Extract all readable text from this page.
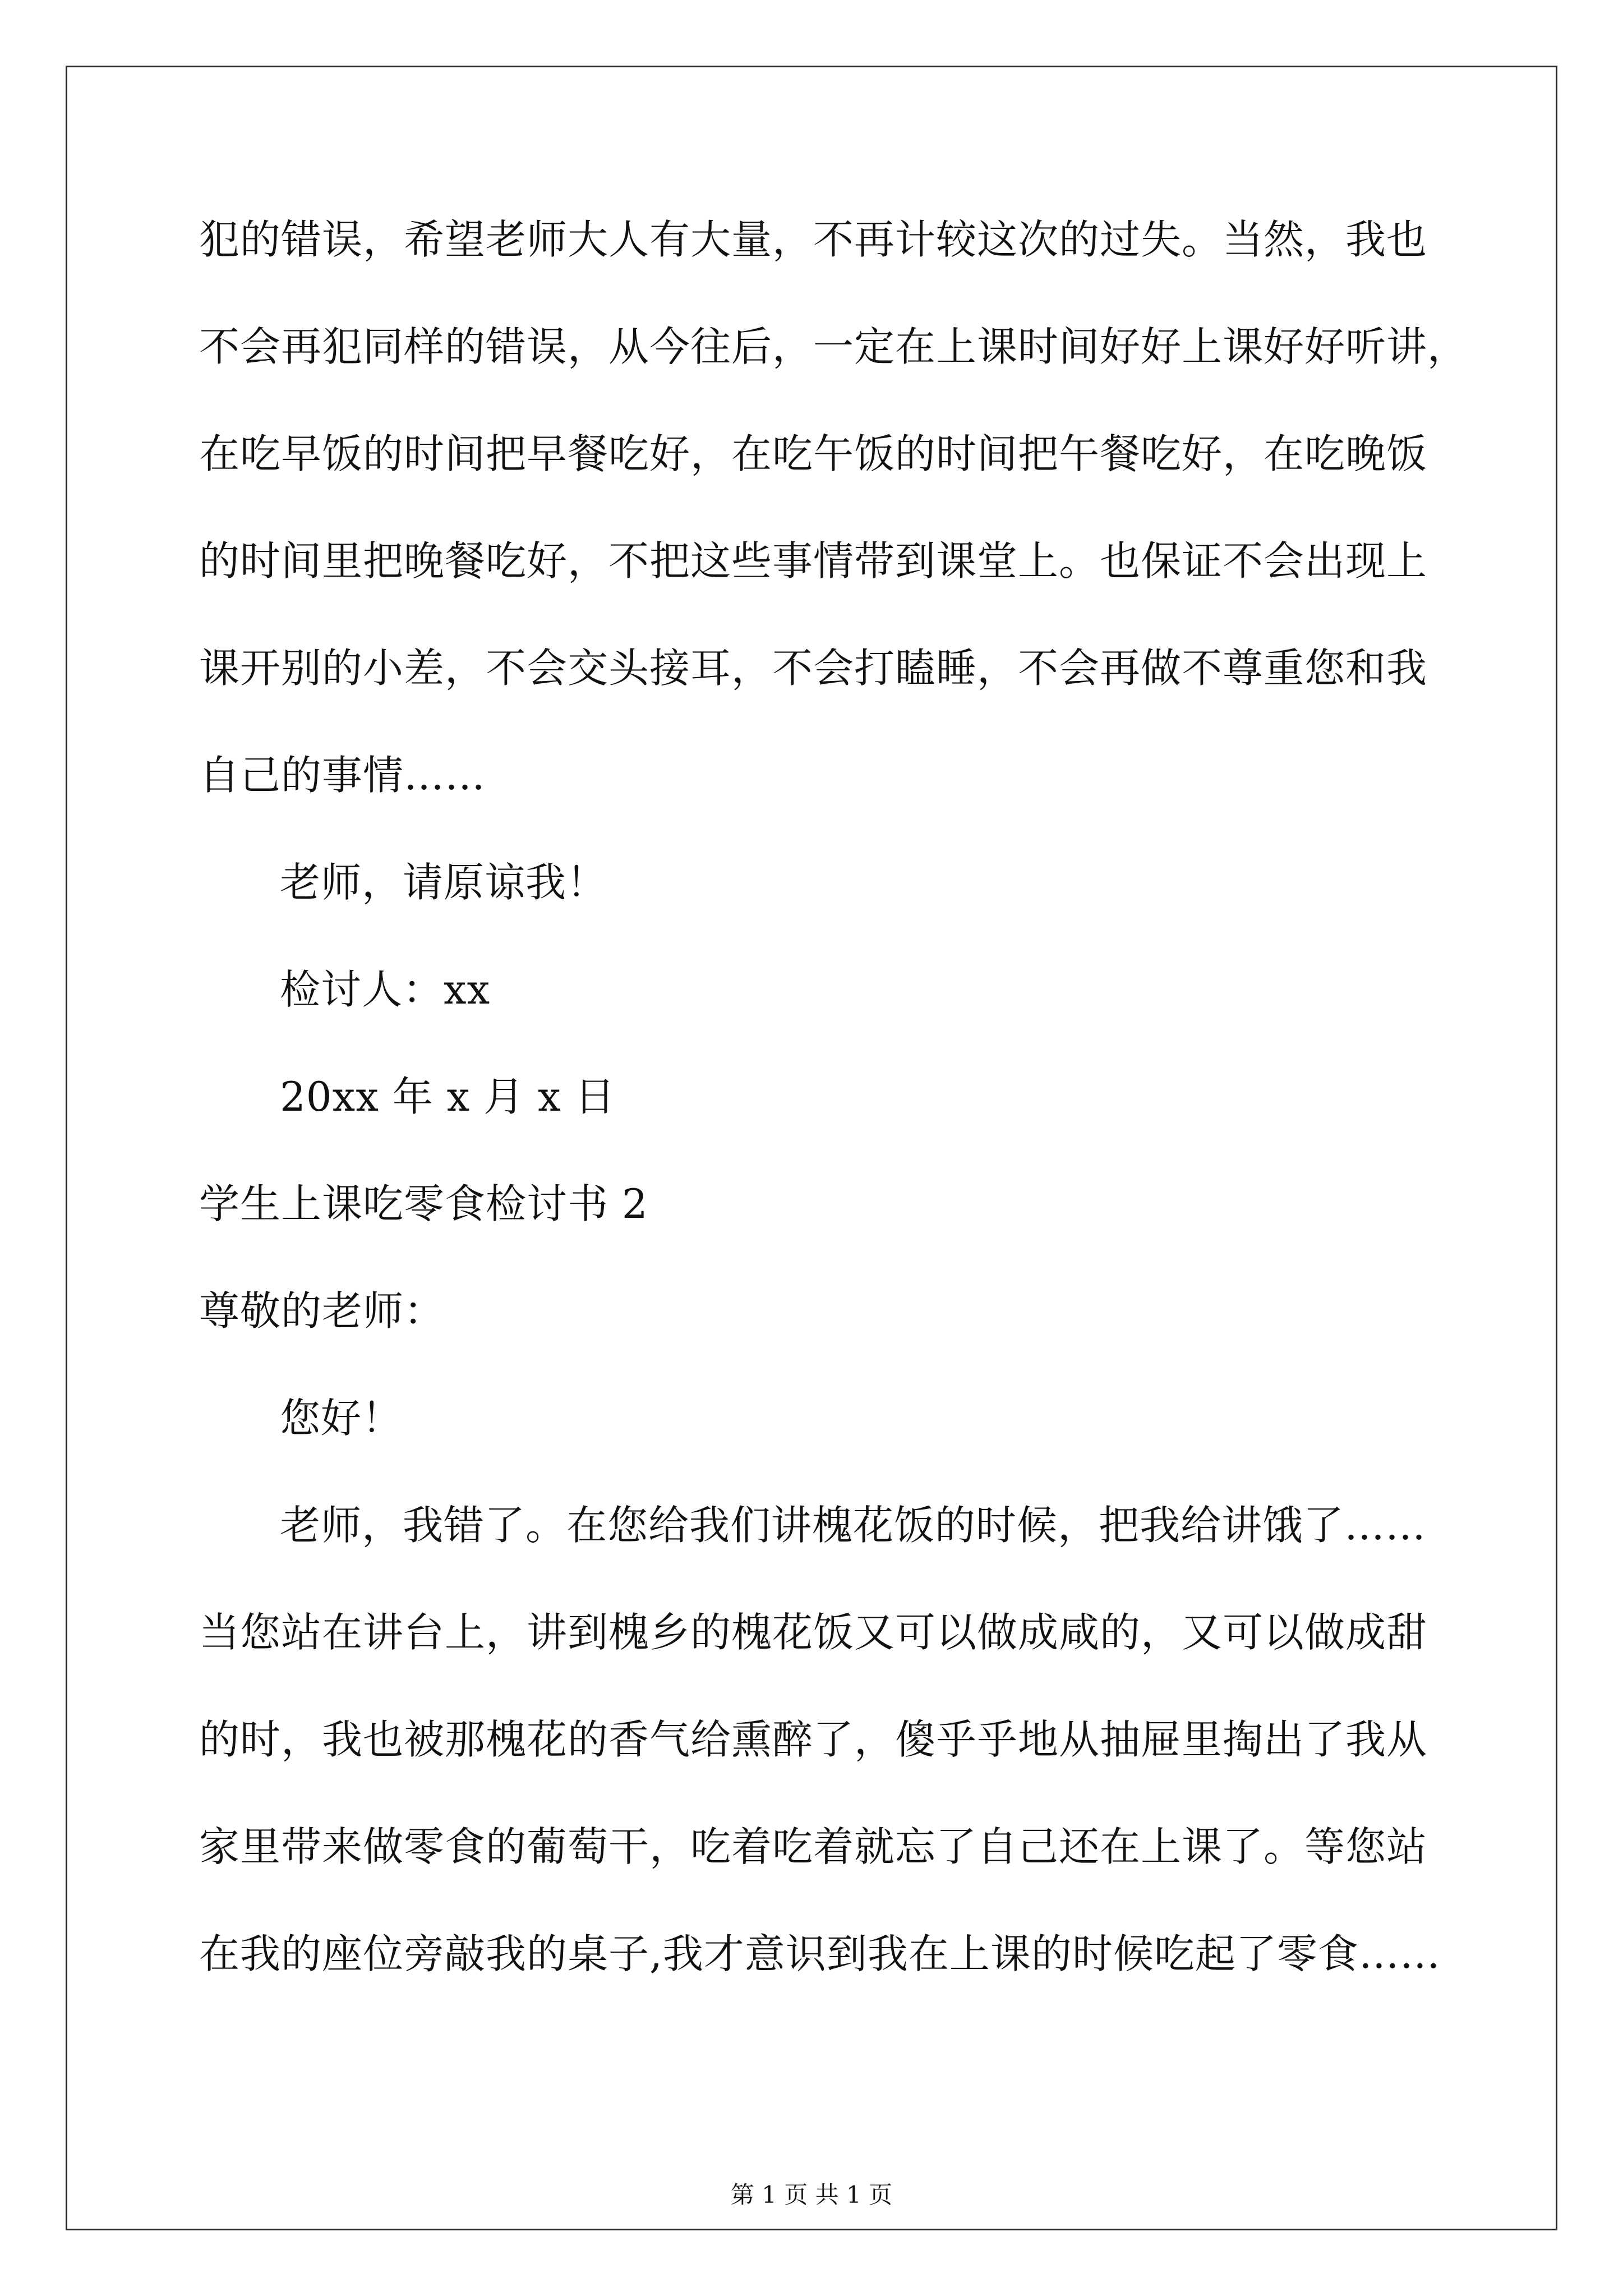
犯的错误，希望老师大人有大量，不再计较这次的过失。当然，我也
不会再犯同样的错误，从今往后，一定在上课时间好好上课好好听讲，
在吃早饭的时间把早餐吃好，在吃午饭的时间把午餐吃好，在吃晚饭
的时间里把晚餐吃好，不把这些事情带到课堂上。也保证不会出现上
课开别的小差，不会交头接耳，不会打瞌睡，不会再做不尊重您和我
自己的事情……
老师，请原谅我！
检讨人：xx
20xx 年 x 月 x 日
学生上课吃零食检讨书 2
尊敬的老师：
您好！
老师，我错了。在您给我们讲槐花饭的时候，把我给讲饿了……
当您站在讲台上，讲到槐乡的槐花饭又可以做成咸的，又可以做成甜
的时，我也被那槐花的香气给熏醉了，傻乎乎地从抽屉里掏出了我从
家里带来做零食的葡萄干，吃着吃着就忘了自己还在上课了。等您站
在我的座位旁敲我的桌子,我才意识到我在上课的时候吃起了零食……
第 1 页 共 1 页
